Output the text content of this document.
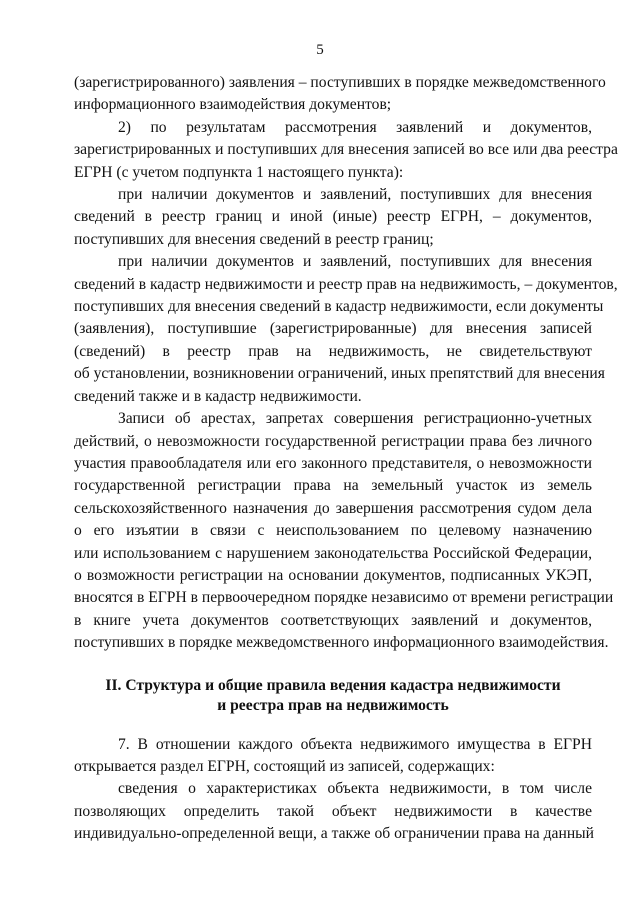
5
(зарегистрированного) заявления – поступивших в порядке межведомственного
информационного взаимодействия документов;
2) по результатам рассмотрения заявлений и документов,
зарегистрированных и поступивших для внесения записей во все или два реестра
ЕГРН (с учетом подпункта 1 настоящего пункта):
при наличии документов и заявлений, поступивших для внесения
сведений в реестр границ и иной (иные) реестр ЕГРН, – документов,
поступивших для внесения сведений в реестр границ;
при наличии документов и заявлений, поступивших для внесения
сведений в кадастр недвижимости и реестр прав на недвижимость, – документов,
поступивших для внесения сведений в кадастр недвижимости, если документы
(заявления), поступившие (зарегистрированные) для внесения записей
(сведений) в реестр прав на недвижимость, не свидетельствуют
об установлении, возникновении ограничений, иных препятствий для внесения
сведений также и в кадастр недвижимости.
Записи об арестах, запретах совершения регистрационно-учетных
действий, о невозможности государственной регистрации права без личного
участия правообладателя или его законного представителя, о невозможности
государственной регистрации права на земельный участок из земель
сельскохозяйственного назначения до завершения рассмотрения судом дела
о его изъятии в связи с неиспользованием по целевому назначению
или использованием с нарушением законодательства Российской Федерации,
о возможности регистрации на основании документов, подписанных УКЭП,
вносятся в ЕГРН в первоочередном порядке независимо от времени регистрации
в книге учета документов соответствующих заявлений и документов,
поступивших в порядке межведомственного информационного взаимодействия.
II. Структура и общие правила ведения кадастра недвижимости
и реестра прав на недвижимость
7. В отношении каждого объекта недвижимого имущества в ЕГРН
открывается раздел ЕГРН, состоящий из записей, содержащих:
сведения о характеристиках объекта недвижимости, в том числе
позволяющих определить такой объект недвижимости в качестве
индивидуально-определенной вещи, а также об ограничении права на данный
